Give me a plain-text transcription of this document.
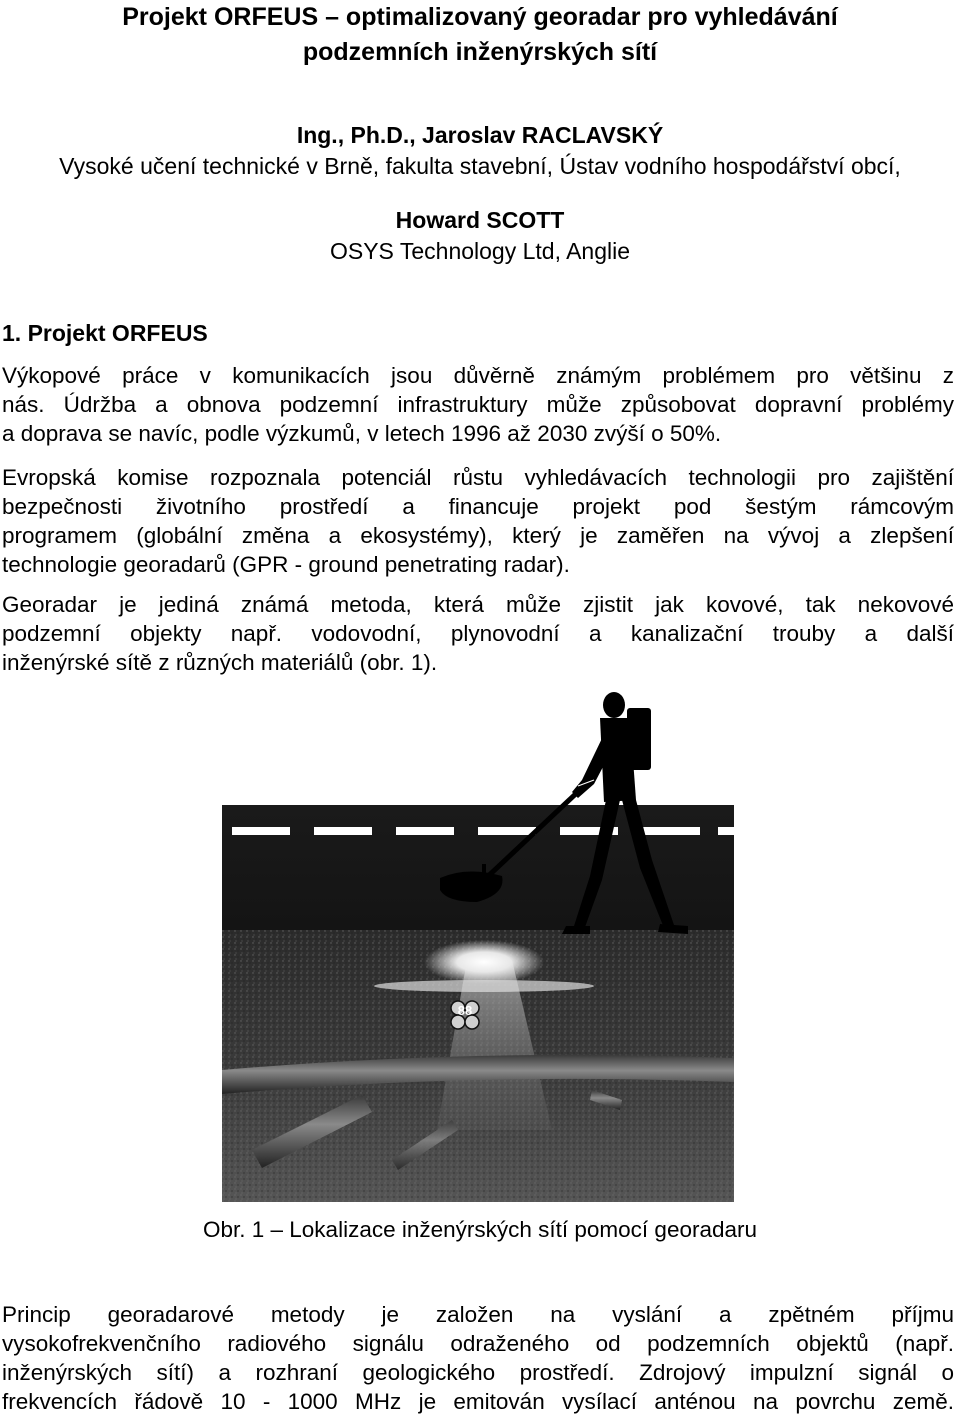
Projekt ORFEUS – optimalizovaný georadar pro vyhledávání
podzemních inženýrských sítí
Ing., Ph.D., Jaroslav RACLAVSKÝ
Vysoké učení technické v Brně, fakulta stavební, Ústav vodního hospodářství obcí,
Howard SCOTT
OSYS Technology Ltd, Anglie
1. Projekt ORFEUS
Výkopové práce v komunikacích jsou důvěrně známým problémem pro většinu z
nás. Údržba a obnova podzemní infrastruktury může způsobovat dopravní problémy
a doprava se navíc, podle výzkumů, v letech 1996 až 2030 zvýší o 50%.
Evropská komise rozpoznala potenciál růstu vyhledávacích technologii pro zajištění
bezpečnosti životního prostředí a financuje projekt pod šestým rámcovým
programem (globální změna a ekosystémy), který je zaměřen na vývoj a zlepšení
technologie georadarů (GPR - ground penetrating radar).
Georadar je jediná známá metoda, která může zjistit jak kovové, tak nekovové
podzemní objekty např. vodovodní, plynovodní a kanalizační trouby a další
inženýrské sítě z různých materiálů (obr. 1).
88
Obr. 1 – Lokalizace inženýrských sítí pomocí georadaru
Princip georadarové metody je založen na vyslání a zpětném příjmu
vysokofrekvenčního radiového signálu odraženého od podzemních objektů (např.
inženýrských sítí) a rozhraní geologického prostředí. Zdrojový impulzní signál o
frekvencích řádově 10 - 1000 MHz je emitován vysílací anténou na povrchu země.
